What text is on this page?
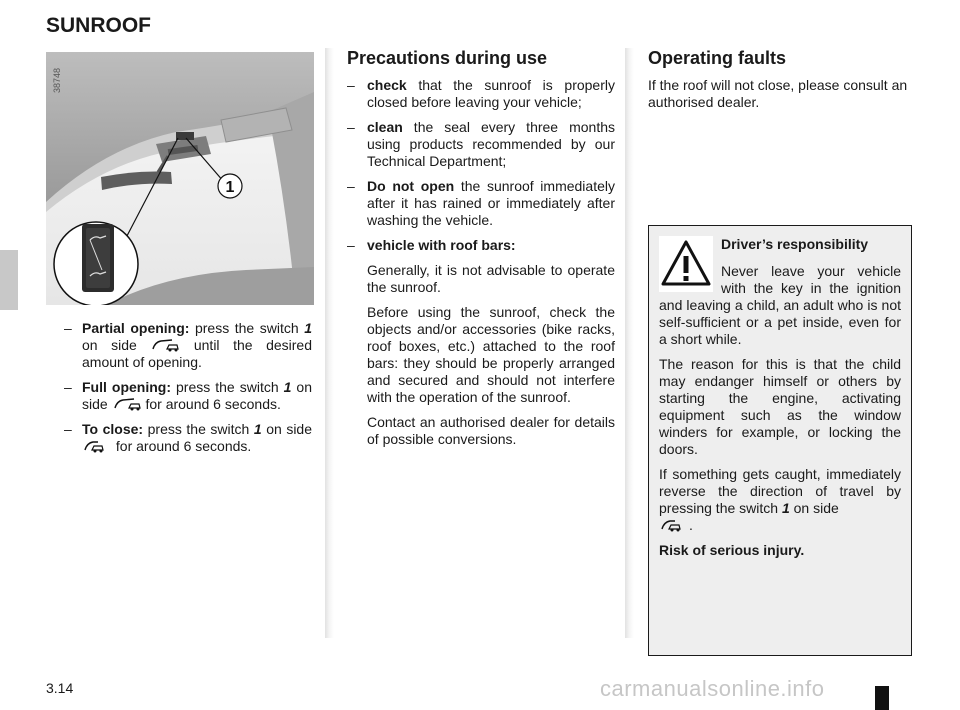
SUNROOF
1
38748
– Partial opening: press the switch 1 on side  until the desired amount of opening.
– Full opening: press the switch 1 on side  for around 6 seconds.
– To close: press the switch 1 on side  for around 6 seconds.
Precautions during use
– check that the sunroof is properly closed before leaving your vehicle;
– clean the seal every three months using products recommended by our Technical Department;
– Do not open the sunroof immediately after it has rained or immediately after washing the vehicle.
– vehicle with roof bars:

Generally, it is not advisable to operate the sunroof.

Before using the sunroof, check the objects and/or accessories (bike racks, roof boxes, etc.) attached to the roof bars: they should be properly arranged and secured and should not interfere with the operation of the sunroof.

Contact an authorised dealer for details of possible conversions.

Operating faults

If the roof will not close, please consult an authorised dealer.

Driver’s responsibility

Never leave your vehicle with the key in the ignition and leaving a child, an adult who is not self-sufficient or a pet inside, even for a short while.

The reason for this is that the child may endanger himself or others by starting the engine, activating equipment such as the window winders for example, or locking the doors.

If something gets caught, immediately reverse the direction of travel by pressing the switch 1 on side
.

Risk of serious injury.

3.14	carmanualsonline.info
